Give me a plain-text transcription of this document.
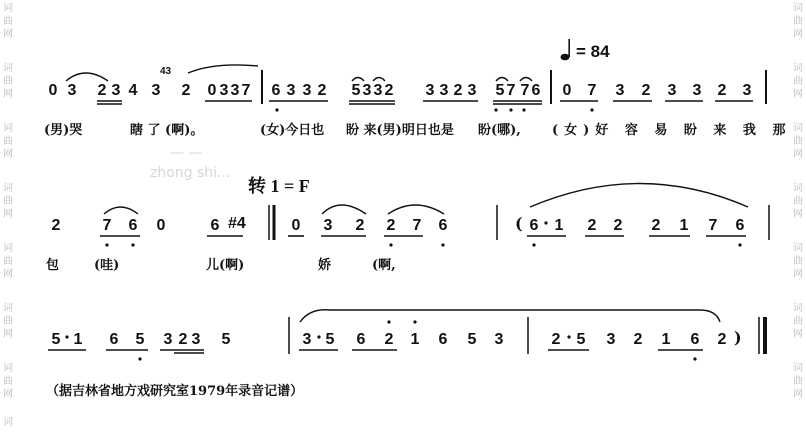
词
曲
网
词
曲
网
词
曲
网
词
曲
网
词
曲
网
词
曲
网
词
曲
网
词
词
曲
网
词
曲
网
词
曲
网
词
曲
网
词
曲
网
词
曲
网
词
曲
网
= 84
— —
zhong shi...
0 3 2 3 4 3
43
2 0 3 3 7 6 3 3 2 5 3 3 2 3 3 2 3 5 7 7 6 0 7 3 2 3 3 2 3
(男)哭	瞎 了 (啊)。	(女)今日也 盼 来(男)明日也是 盼(哪), (女)好 容 易 盼 来 我 那
转 1 = F
2	7 6 0	6 #4	0 3 2 2 7 6	( 6 1 2 2 2 1 7 6
包	(哇)	儿(啊)	娇	(啊,
5 1 6 5 3 2 3 5	3 5 6 2 1 6 5 3	2 5 3 2 1 6 2 )
（据吉林省地方戏研究室1979年录音记谱）
